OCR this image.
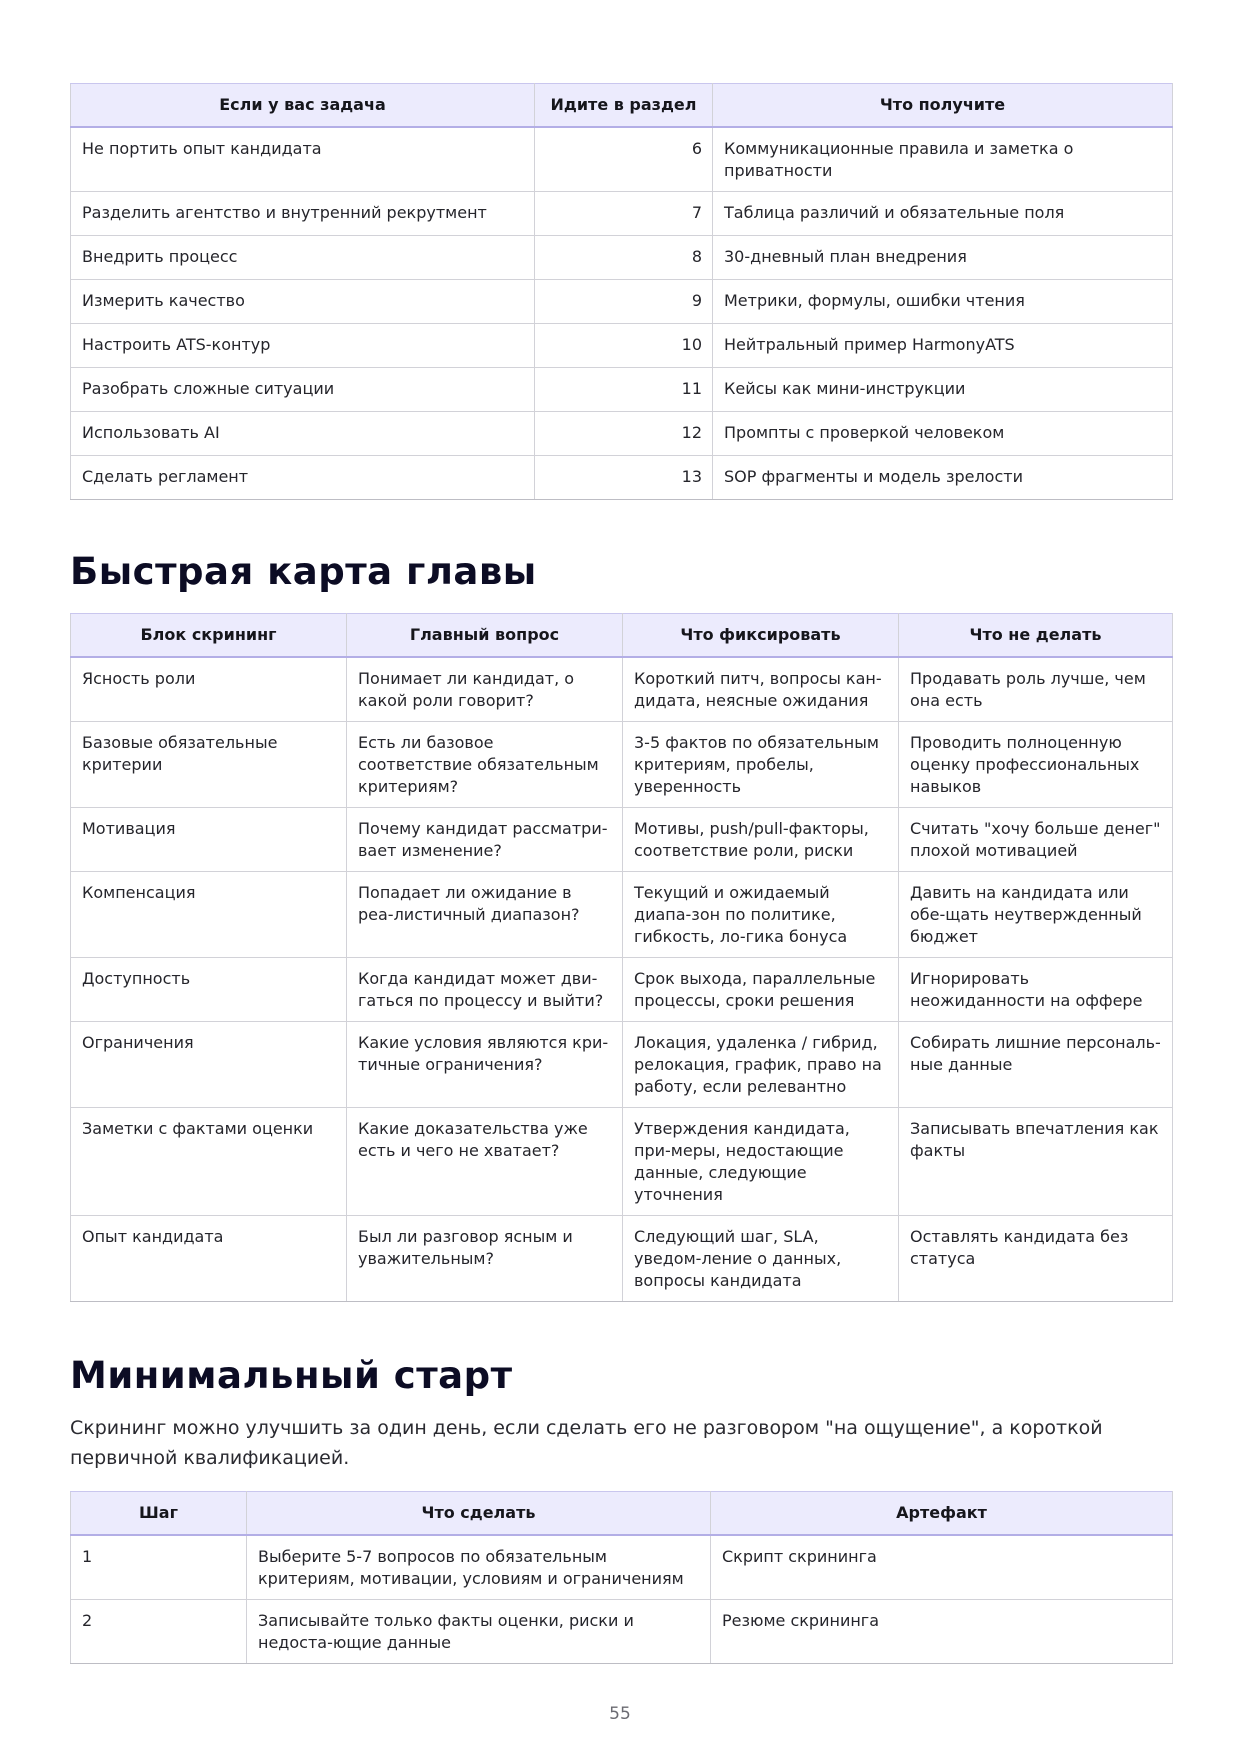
Если у вас задача	Идите в раздел	Что получите
Не портить опыт кандидата	6	Коммуникационные правила и заметка о приватности
Разделить агентство и внутренний рекрутмент	7	Таблица различий и обязательные поля
Внедрить процесс	8	30-дневный план внедрения
Измерить качество	9	Метрики, формулы, ошибки чтения
Настроить ATS-контур	10	Нейтральный пример HarmonyATS
Разобрать сложные ситуации	11	Кейсы как мини-инструкции
Использовать AI	12	Промпты с проверкой человеком
Сделать регламент	13	SOP фрагменты и модель зрелости
Быстрая карта главы
Блок скрининг	Главный вопрос	Что фиксировать	Что не делать
Ясность роли	Понимает ли кандидат, о какой роли говорит?	Короткий питч, вопросы кан-дидата, неясные ожидания	Продавать роль лучше, чем она есть
Базовые обязательные критерии	Есть ли базовое соответствие обязательным критериям?	3-5 фактов по обязательным критериям, пробелы, уверенность	Проводить полноценную оценку профессиональных навыков
Мотивация	Почему кандидат рассматри-вает изменение?	Мотивы, push/pull-факторы, соответствие роли, риски	Считать "хочу больше денег" плохой мотивацией
Компенсация	Попадает ли ожидание в реа-листичный диапазон?	Текущий и ожидаемый диапа-зон по политике, гибкость, ло-гика бонуса	Давить на кандидата или обе-щать неутвержденный бюджет
Доступность	Когда кандидат может дви-гаться по процессу и выйти?	Срок выхода, параллельные процессы, сроки решения	Игнорировать неожиданности на оффере
Ограничения	Какие условия являются кри-тичные ограничения?	Локация, удаленка / гибрид, релокация, график, право на работу, если релевантно	Собирать лишние персональ-ные данные
Заметки с фактами оценки	Какие доказательства уже есть и чего не хватает?	Утверждения кандидата, при-меры, недостающие данные, следующие уточнения	Записывать впечатления как факты
Опыт кандидата	Был ли разговор ясным и уважительным?	Следующий шаг, SLA, уведом-ление о данных, вопросы кандидата	Оставлять кандидата без статуса
Минимальный старт

Скрининг можно улучшить за один день, если сделать его не разговором "на ощущение", а короткой первичной квалификацией.

Шаг	Что сделать	Артефакт
1	Выберите 5-7 вопросов по обязательным критериям, мотивации, условиям и ограничениям	Скрипт скрининга
2	Записывайте только факты оценки, риски и недоста-ющие данные	Резюме скрининга
55
